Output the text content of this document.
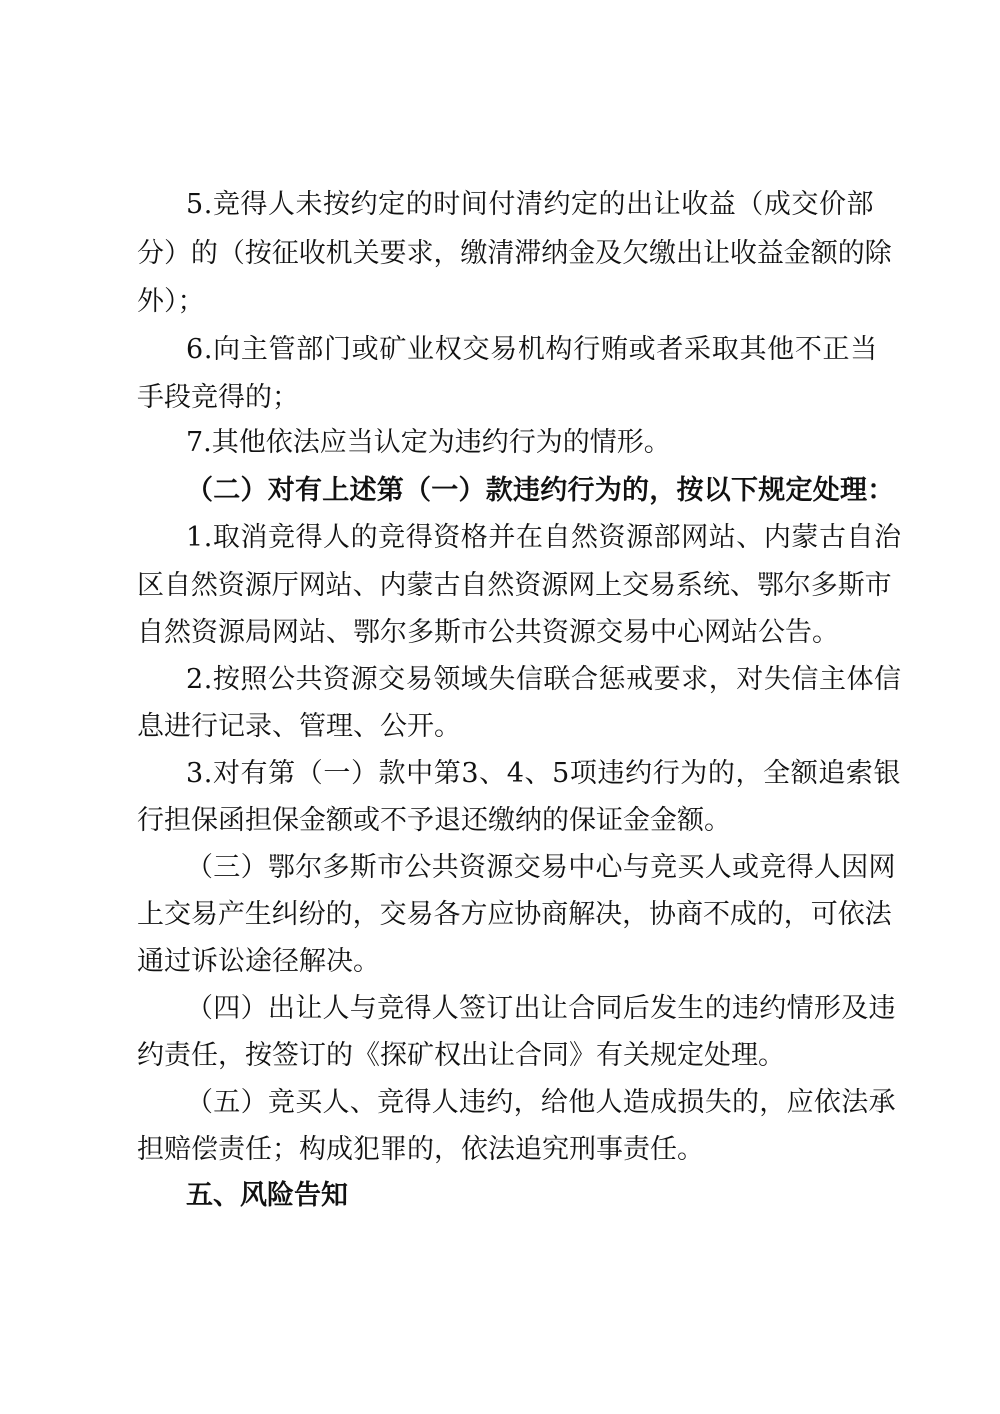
5.竞得人未按约定的时间付清约定的出让收益（成交价部
分）的（按征收机关要求，缴清滞纳金及欠缴出让收益金额的除
外）；
6.向主管部门或矿业权交易机构行贿或者采取其他不正当
手段竞得的；
7.其他依法应当认定为违约行为的情形。
（二）对有上述第（一）款违约行为的，按以下规定处理：
1.取消竞得人的竞得资格并在自然资源部网站、内蒙古自治
区自然资源厅网站、内蒙古自然资源网上交易系统、鄂尔多斯市
自然资源局网站、鄂尔多斯市公共资源交易中心网站公告。
2.按照公共资源交易领域失信联合惩戒要求，对失信主体信
息进行记录、管理、公开。
3.对有第（一）款中第3、4、5项违约行为的，全额追索银
行担保函担保金额或不予退还缴纳的保证金金额。
（三）鄂尔多斯市公共资源交易中心与竞买人或竞得人因网
上交易产生纠纷的，交易各方应协商解决，协商不成的，可依法
通过诉讼途径解决。
（四）出让人与竞得人签订出让合同后发生的违约情形及违
约责任，按签订的《探矿权出让合同》有关规定处理。
（五）竞买人、竞得人违约，给他人造成损失的，应依法承
担赔偿责任；构成犯罪的，依法追究刑事责任。
五、风险告知
